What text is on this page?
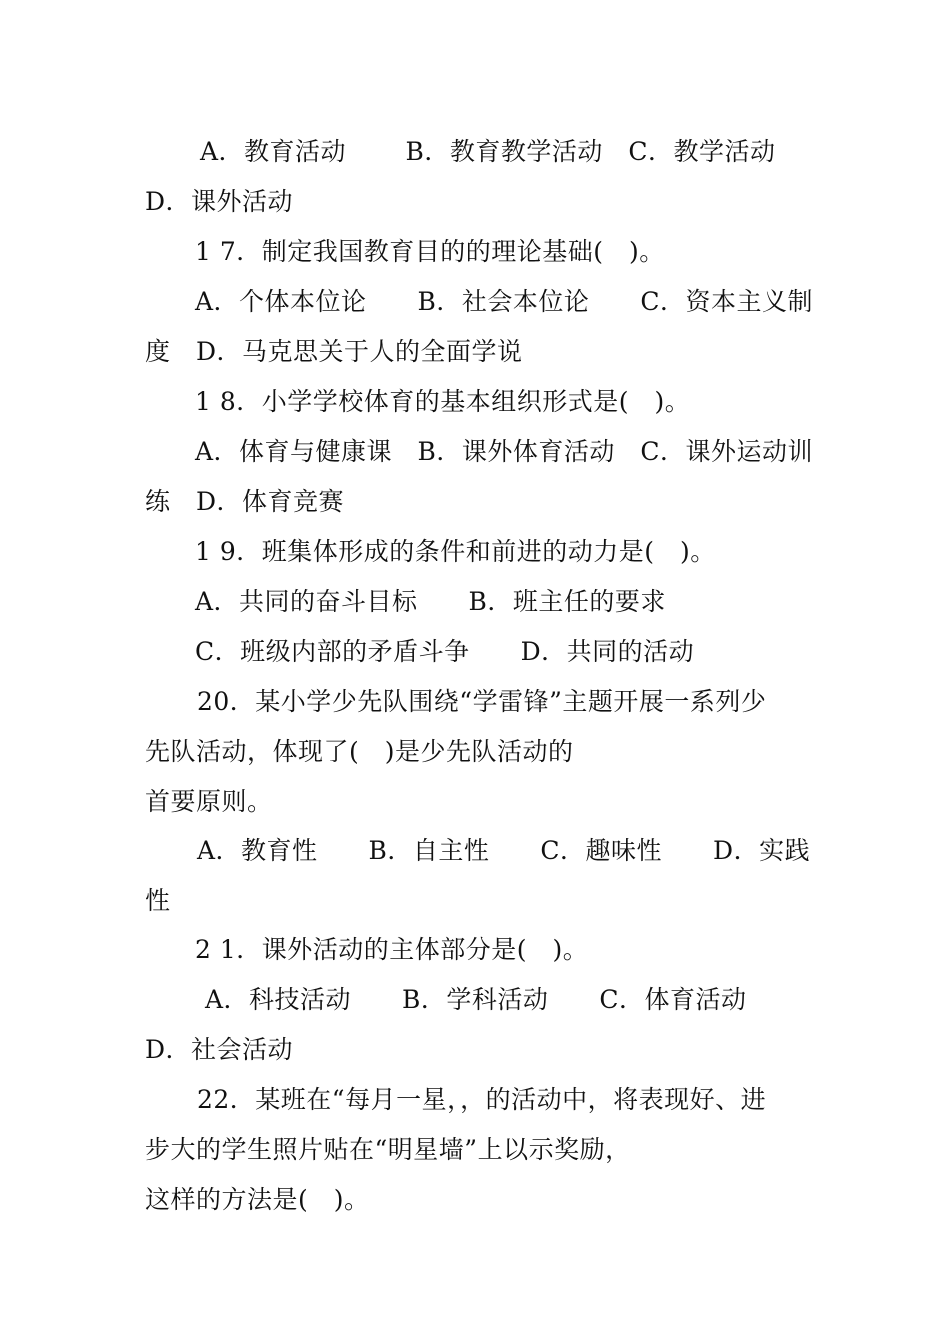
A．教育活动　　 B．教育教学活动　C．教学活动
D．课外活动
1 7．制定我国教育目的的理论基础(　)。
A．个体本位论　　B．社会本位论　　C．资本主义制
度　D．马克思关于人的全面学说
1 8．小学学校体育的基本组织形式是(　)。
A．体育与健康课　B．课外体育活动　C．课外运动训
练　D．体育竞赛
1 9．班集体形成的条件和前进的动力是(　)。
A．共同的奋斗目标　　B．班主任的要求
C．班级内部的矛盾斗争　　D．共同的活动
20．某小学少先队围绕“学雷锋”主题开展一系列少
先队活动，体现了(　)是少先队活动的
首要原则。
A．教育性　　B．自主性　　C．趣味性　　D．实践
性
2 1．课外活动的主体部分是(　)。
A．科技活动　　B．学科活动　　C．体育活动
D．社会活动
22．某班在“每月一星，，的活动中，将表现好、进
步大的学生照片贴在“明星墙”上以示奖励，
这样的方法是(　)。
